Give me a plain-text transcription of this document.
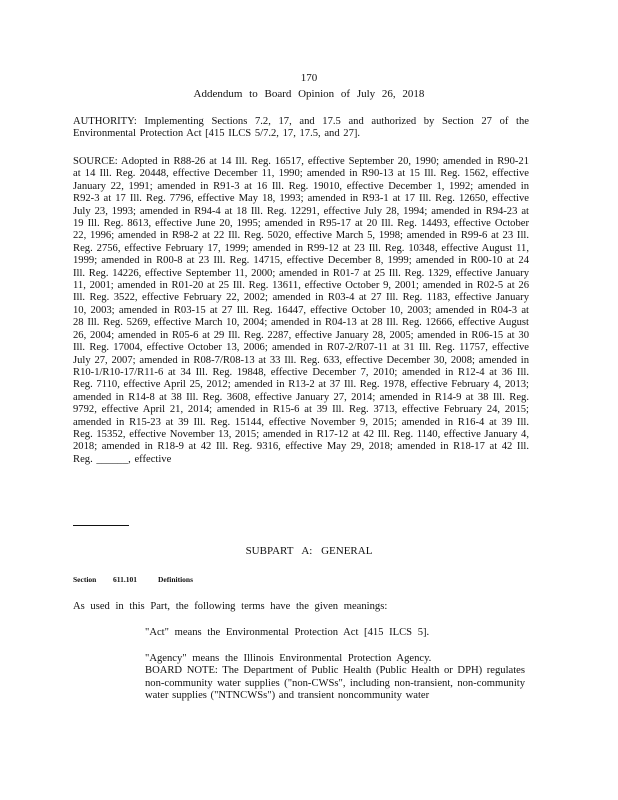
170
Addendum to Board Opinion of July 26, 2018
AUTHORITY: Implementing Sections 7.2, 17, and 17.5 and authorized by Section 27 of the Environmental Protection Act [415 ILCS 5/7.2, 17, 17.5, and 27].
SOURCE: Adopted in R88-26 at 14 Ill. Reg. 16517, effective September 20, 1990; amended in R90-21 at 14 Ill. Reg. 20448, effective December 11, 1990; amended in R90-13 at 15 Ill. Reg. 1562, effective January 22, 1991; amended in R91-3 at 16 Ill. Reg. 19010, effective December 1, 1992; amended in R92-3 at 17 Ill. Reg. 7796, effective May 18, 1993; amended in R93-1 at 17 Ill. Reg. 12650, effective July 23, 1993; amended in R94-4 at 18 Ill. Reg. 12291, effective July 28, 1994; amended in R94-23 at 19 Ill. Reg. 8613, effective June 20, 1995; amended in R95-17 at 20 Ill. Reg. 14493, effective October 22, 1996; amended in R98-2 at 22 Ill. Reg. 5020, effective March 5, 1998; amended in R99-6 at 23 Ill. Reg. 2756, effective February 17, 1999; amended in R99-12 at 23 Ill. Reg. 10348, effective August 11, 1999; amended in R00-8 at 23 Ill. Reg. 14715, effective December 8, 1999; amended in R00-10 at 24 Ill. Reg. 14226, effective September 11, 2000; amended in R01-7 at 25 Ill. Reg. 1329, effective January 11, 2001; amended in R01-20 at 25 Ill. Reg. 13611, effective October 9, 2001; amended in R02-5 at 26 Ill. Reg. 3522, effective February 22, 2002; amended in R03-4 at 27 Ill. Reg. 1183, effective January 10, 2003; amended in R03-15 at 27 Ill. Reg. 16447, effective October 10, 2003; amended in R04-3 at 28 Ill. Reg. 5269, effective March 10, 2004; amended in R04-13 at 28 Ill. Reg. 12666, effective August 26, 2004; amended in R05-6 at 29 Ill. Reg. 2287, effective January 28, 2005; amended in R06-15 at 30 Ill. Reg. 17004, effective October 13, 2006; amended in R07-2/R07-11 at 31 Ill. Reg. 11757, effective July 27, 2007; amended in R08-7/R08-13 at 33 Ill. Reg. 633, effective December 30, 2008; amended in R10-1/R10-17/R11-6 at 34 Ill. Reg. 19848, effective December 7, 2010; amended in R12-4 at 36 Ill. Reg. 7110, effective April 25, 2012; amended in R13-2 at 37 Ill. Reg. 1978, effective February 4, 2013; amended in R14-8 at 38 Ill. Reg. 3608, effective January 27, 2014; amended in R14-9 at 38 Ill. Reg. 9792, effective April 21, 2014; amended in R15-6 at 39 Ill. Reg. 3713, effective February 24, 2015; amended in R15-23 at 39 Ill. Reg. 15144, effective November 9, 2015; amended in R16-4 at 39 Ill. Reg. 15352, effective November 13, 2015; amended in R17-12 at 42 Ill. Reg. 1140, effective January 4, 2018; amended in R18-9 at 42 Ill. Reg. 9316, effective May 29, 2018; amended in R18-17 at 42 Ill. Reg. ______, effective
SUBPART A: GENERAL
Section 611.101	Definitions
As used in this Part, the following terms have the given meanings:
"Act" means the Environmental Protection Act [415 ILCS 5].
"Agency" means the Illinois Environmental Protection Agency.
BOARD NOTE: The Department of Public Health (Public Health or DPH) regulates non-community water supplies ("non-CWSs", including non-transient, non-community water supplies ("NTNCWSs") and transient noncommunity water
